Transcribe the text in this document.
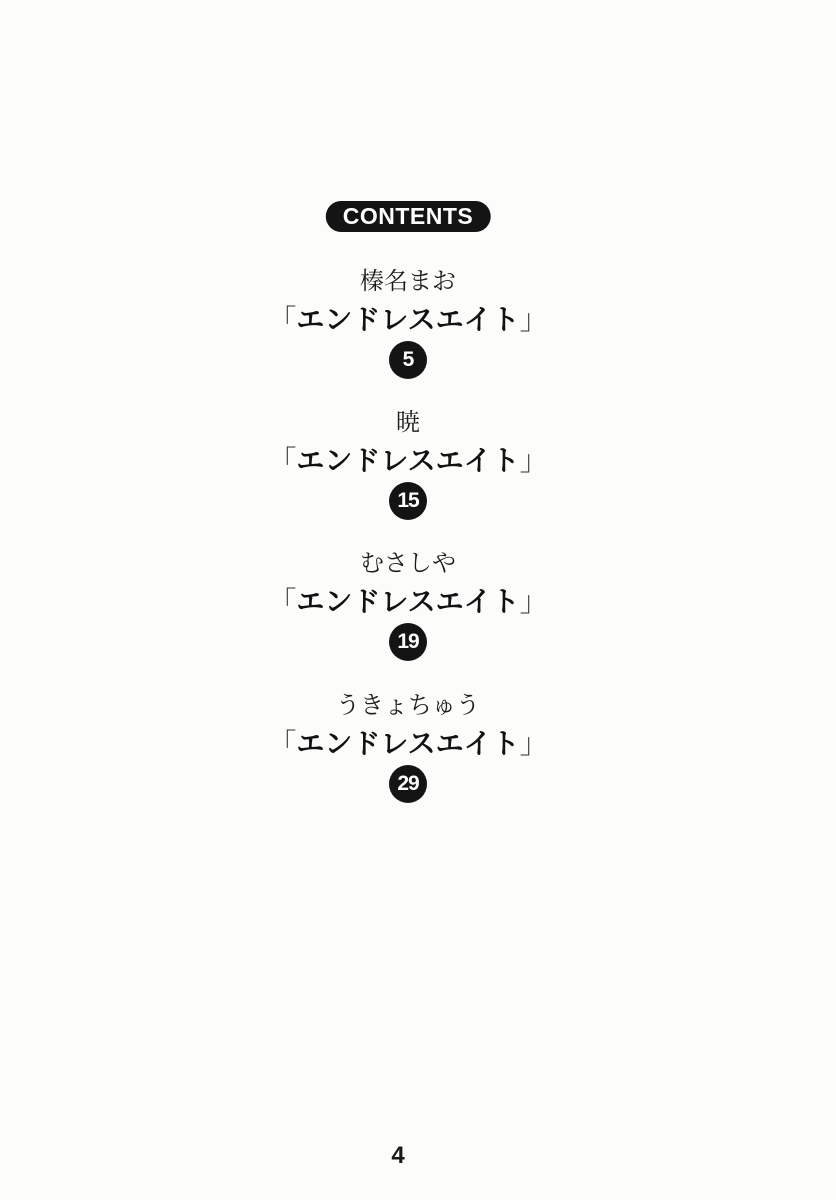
CONTENTS
榛名まお
「エンドレスエイト」
5
暁
「エンドレスエイト」
15
むさしや
「エンドレスエイト」
19
うきょちゅう
「エンドレスエイト」
29
4
